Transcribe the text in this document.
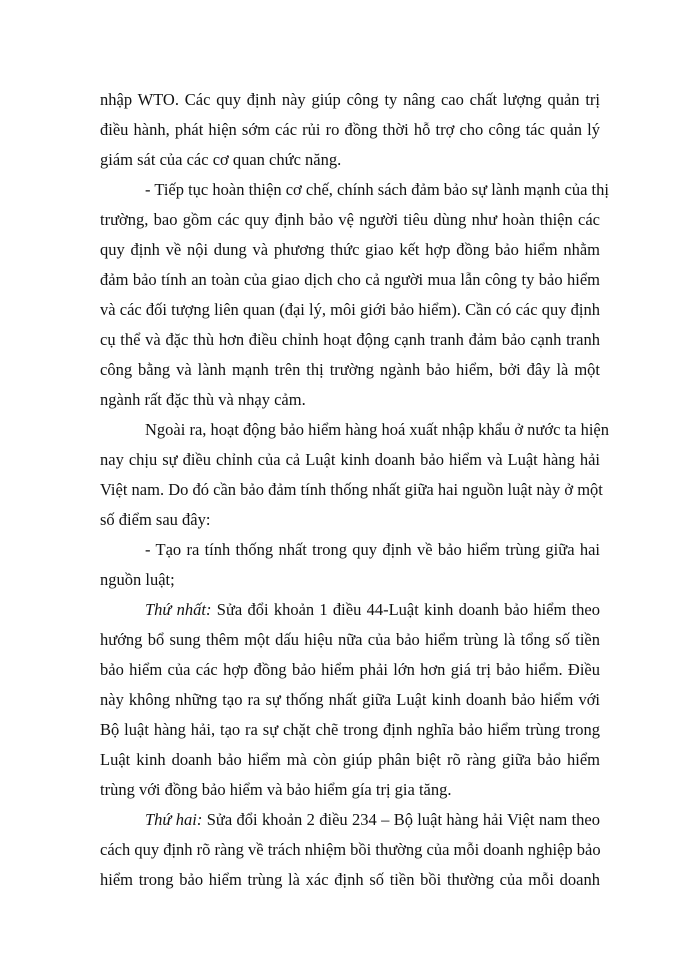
nhập WTO. Các quy định này giúp công ty nâng cao chất lượng quản trị
điều hành, phát hiện sớm các rủi ro đồng thời hỗ trợ cho công tác quản lý
giám sát của các cơ quan chức năng.
- Tiếp tục hoàn thiện cơ chế, chính sách đảm bảo sự lành mạnh của thị
trường, bao gồm các quy định bảo vệ người tiêu dùng như hoàn thiện các
quy định về nội dung và phương thức giao kết hợp đồng bảo hiểm nhằm
đảm bảo tính an toàn của giao dịch cho cả người mua lẫn công ty bảo hiểm
và các đối tượng liên quan (đại lý, môi giới bảo hiểm). Cần có các quy định
cụ thể và đặc thù hơn điều chỉnh hoạt động cạnh tranh đảm bảo cạnh tranh
công bằng và lành mạnh trên thị trường ngành bảo hiểm, bởi đây là một
ngành rất đặc thù và nhạy cảm.
Ngoài ra, hoạt động bảo hiểm hàng hoá xuất nhập khẩu ở nước ta hiện
nay chịu sự điều chỉnh của cả Luật kinh doanh bảo hiểm và Luật hàng hải
Việt nam. Do đó cần bảo đảm tính thống nhất giữa hai nguồn luật này ở một
số điểm sau đây:
- Tạo ra tính thống nhất trong quy định về bảo hiểm trùng giữa hai
nguồn luật;
Thứ nhất: Sửa đổi khoản 1 điều 44-Luật kinh doanh bảo hiểm theo
hướng bổ sung thêm một dấu hiệu nữa của bảo hiểm trùng là tổng số tiền
bảo hiểm của các hợp đồng bảo hiểm phải lớn hơn giá trị bảo hiểm. Điều
này không những tạo ra sự thống nhất giữa Luật kinh doanh bảo hiểm với
Bộ luật hàng hải, tạo ra sự chặt chẽ trong định nghĩa bảo hiểm trùng trong
Luật kinh doanh bảo hiểm mà còn giúp phân biệt rõ ràng giữa bảo hiểm
trùng với đồng bảo hiểm và bảo hiểm gía trị gia tăng.
Thứ hai: Sửa đổi khoản 2 điều 234 – Bộ luật hàng hải Việt nam theo
cách quy định rõ ràng về trách nhiệm bồi thường của mỗi doanh nghiệp bảo
hiểm trong bảo hiểm trùng là xác định số tiền bồi thường của mỗi doanh
